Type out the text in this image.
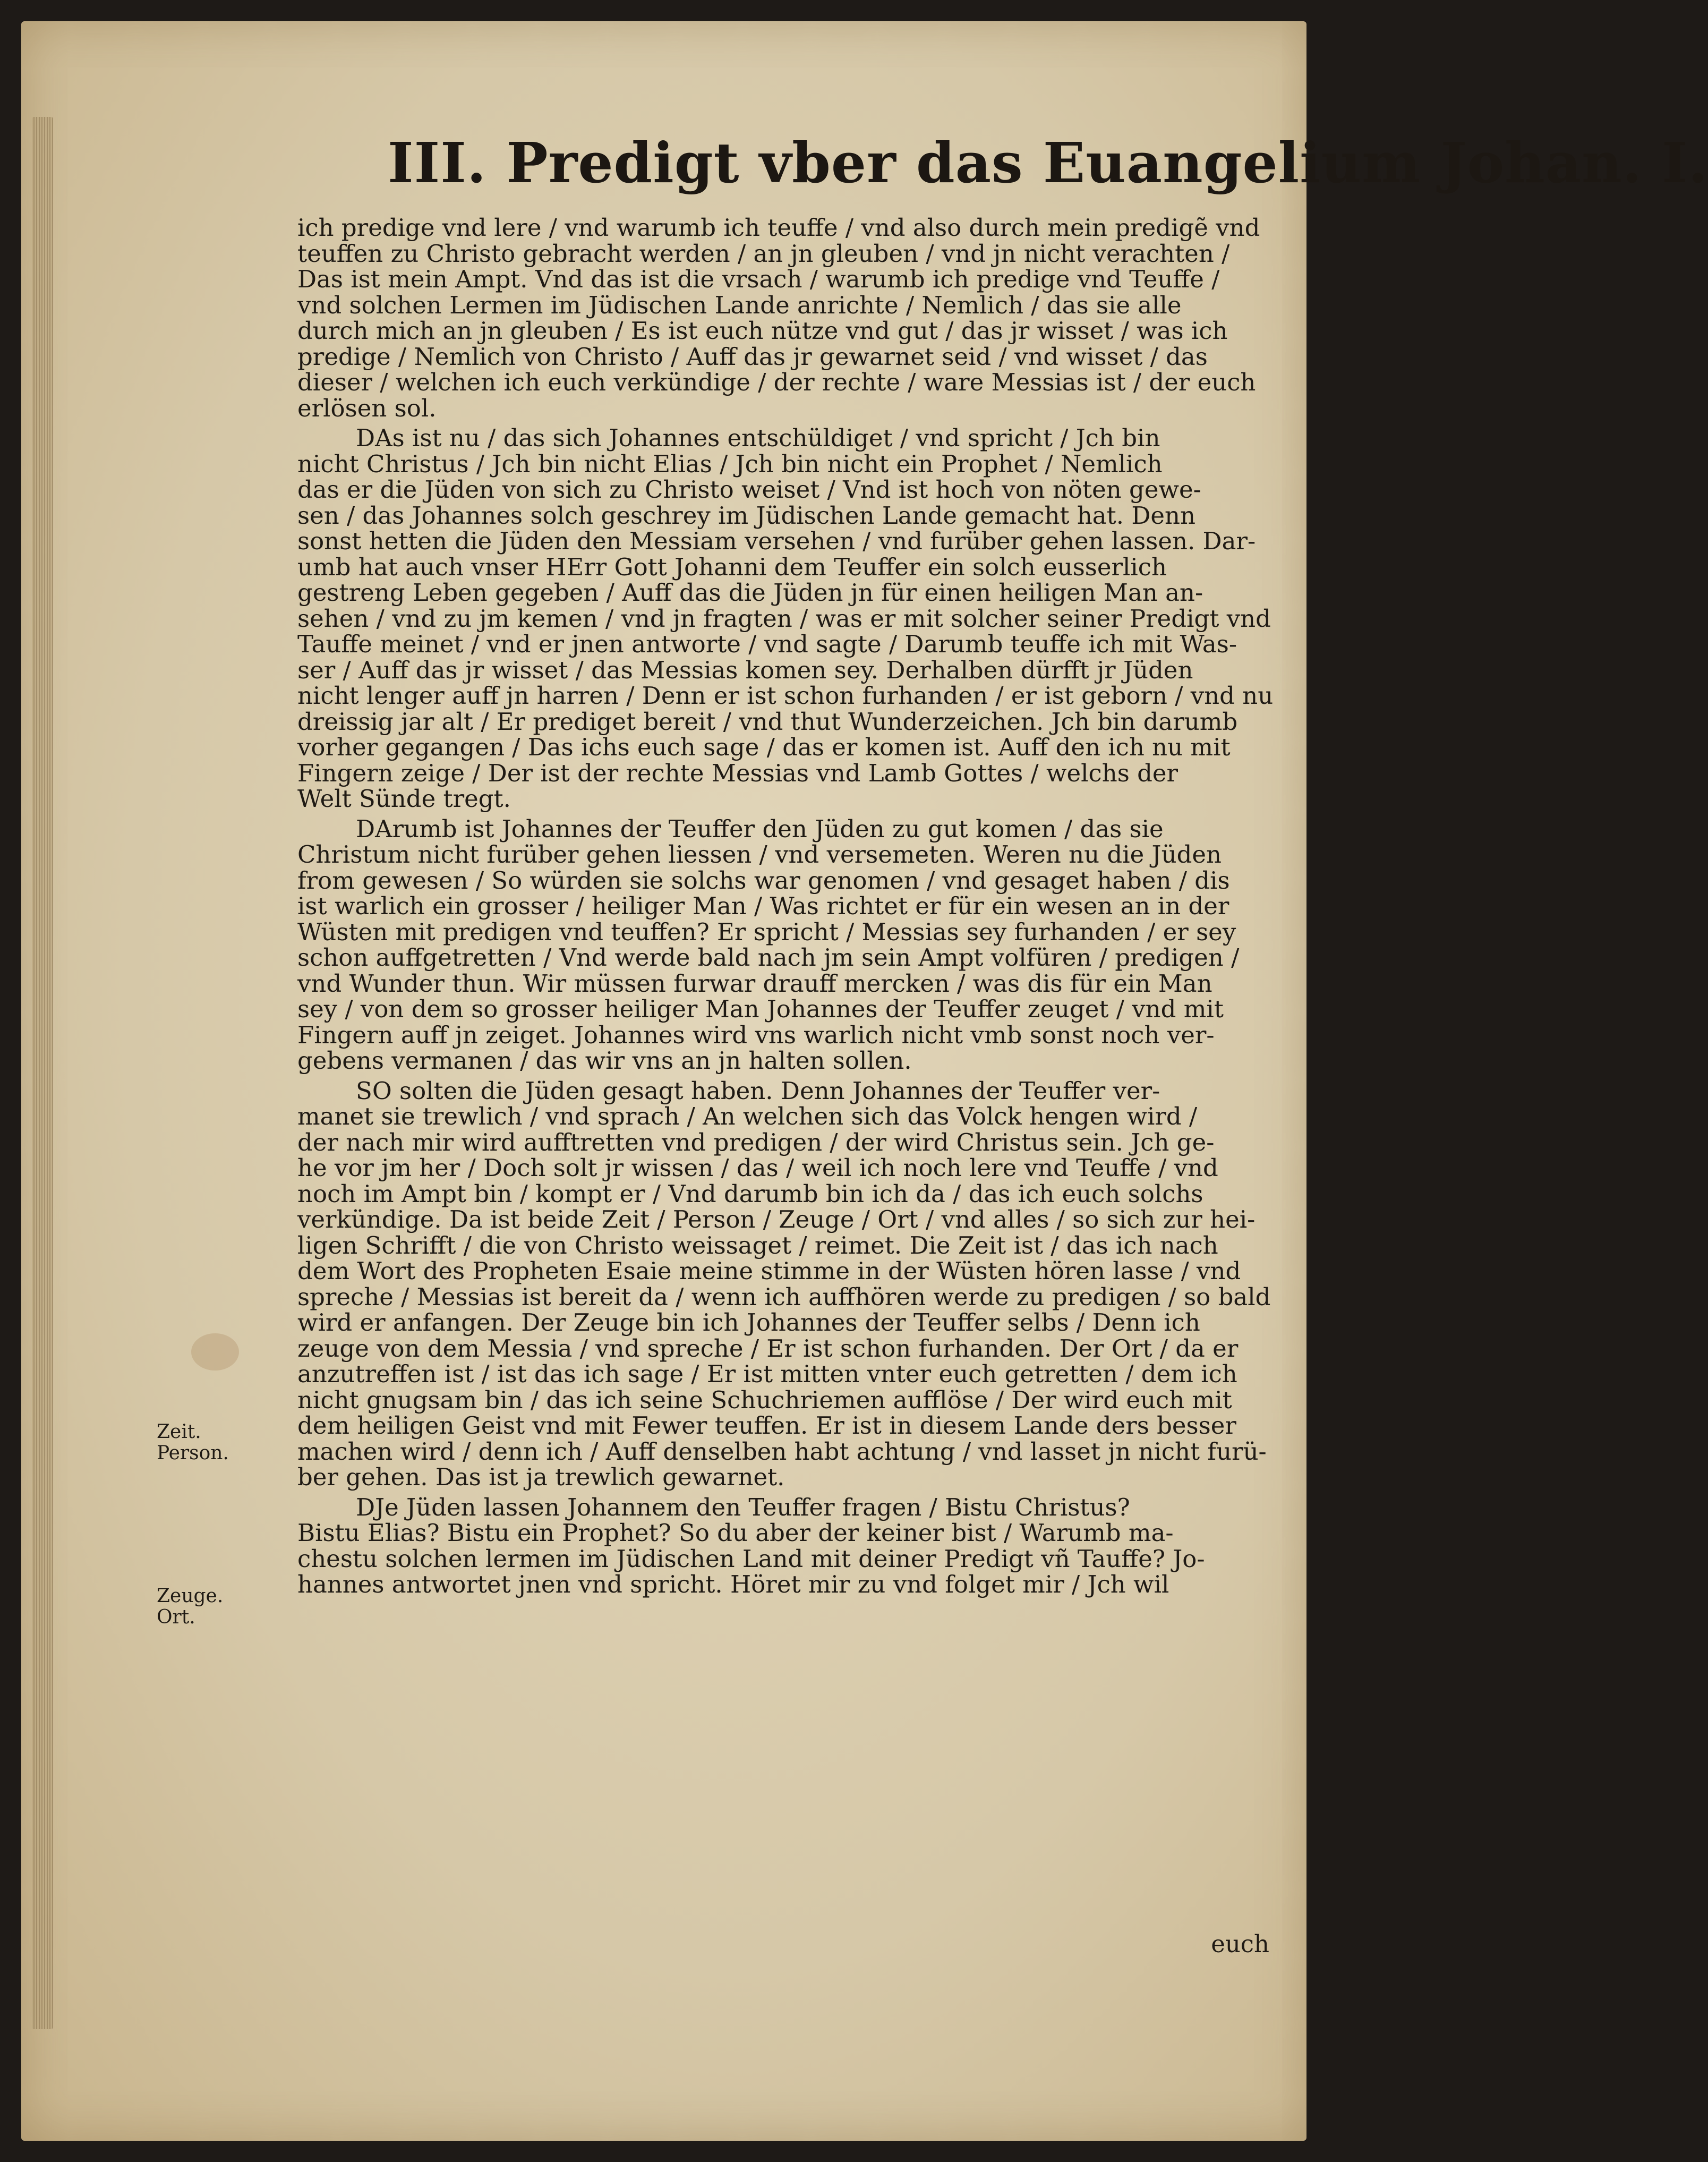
III. Predigt vber das Euangelium Johan. I.
ich predige vnd lere / vnd warumb ich teuffe / vnd also durch mein predigẽ vnd
teuffen zu Christo gebracht werden / an jn gleuben / vnd jn nicht verachten /
Das ist mein Ampt. Vnd das ist die vrsach / warumb ich predige vnd Teuffe /
vnd solchen Lermen im Jüdischen Lande anrichte / Nemlich / das sie alle
durch mich an jn gleuben / Es ist euch nütze vnd gut / das jr wisset / was ich
predige / Nemlich von Christo / Auff das jr gewarnet seid / vnd wisset / das
dieser / welchen ich euch verkündige / der rechte / ware Messias ist / der euch
erlösen sol.
DAs ist nu / das sich Johannes entschüldiget / vnd spricht / Jch bin
nicht Christus / Jch bin nicht Elias / Jch bin nicht ein Prophet / Nemlich
das er die Jüden von sich zu Christo weiset / Vnd ist hoch von nöten gewe-
sen / das Johannes solch geschrey im Jüdischen Lande gemacht hat. Denn
sonst hetten die Jüden den Messiam versehen / vnd furüber gehen lassen. Dar-
umb hat auch vnser HErr Gott Johanni dem Teuffer ein solch eusserlich
gestreng Leben gegeben / Auff das die Jüden jn für einen heiligen Man an-
sehen / vnd zu jm kemen / vnd jn fragten / was er mit solcher seiner Predigt vnd
Tauffe meinet / vnd er jnen antworte / vnd sagte / Darumb teuffe ich mit Was-
ser / Auff das jr wisset / das Messias komen sey. Derhalben dürfft jr Jüden
nicht lenger auff jn harren / Denn er ist schon furhanden / er ist geborn / vnd nu
dreissig jar alt / Er prediget bereit / vnd thut Wunderzeichen. Jch bin darumb
vorher gegangen / Das ichs euch sage / das er komen ist. Auff den ich nu mit
Fingern zeige / Der ist der rechte Messias vnd Lamb Gottes / welchs der
Welt Sünde tregt.
DArumb ist Johannes der Teuffer den Jüden zu gut komen / das sie
Christum nicht furüber gehen liessen / vnd versemeten. Weren nu die Jüden
from gewesen / So würden sie solchs war genomen / vnd gesaget haben / dis
ist warlich ein grosser / heiliger Man / Was richtet er für ein wesen an in der
Wüsten mit predigen vnd teuffen? Er spricht / Messias sey furhanden / er sey
schon auffgetretten / Vnd werde bald nach jm sein Ampt volfüren / predigen /
vnd Wunder thun. Wir müssen furwar drauff mercken / was dis für ein Man
sey / von dem so grosser heiliger Man Johannes der Teuffer zeuget / vnd mit
Fingern auff jn zeiget. Johannes wird vns warlich nicht vmb sonst noch ver-
gebens vermanen / das wir vns an jn halten sollen.
SO solten die Jüden gesagt haben. Denn Johannes der Teuffer ver-
manet sie trewlich / vnd sprach / An welchen sich das Volck hengen wird /
der nach mir wird aufftretten vnd predigen / der wird Christus sein. Jch ge-
he vor jm her / Doch solt jr wissen / das / weil ich noch lere vnd Teuffe / vnd
noch im Ampt bin / kompt er / Vnd darumb bin ich da / das ich euch solchs
verkündige. Da ist beide Zeit / Person / Zeuge / Ort / vnd alles / so sich zur hei-
ligen Schrifft / die von Christo weissaget / reimet. Die Zeit ist / das ich nach
dem Wort des Propheten Esaie meine stimme in der Wüsten hören lasse / vnd
spreche / Messias ist bereit da / wenn ich auffhören werde zu predigen / so bald
wird er anfangen. Der Zeuge bin ich Johannes der Teuffer selbs / Denn ich
zeuge von dem Messia / vnd spreche / Er ist schon furhanden. Der Ort / da er
anzutreffen ist / ist das ich sage / Er ist mitten vnter euch getretten / dem ich
nicht gnugsam bin / das ich seine Schuchriemen aufflöse / Der wird euch mit
dem heiligen Geist vnd mit Fewer teuffen. Er ist in diesem Lande ders besser
machen wird / denn ich / Auff denselben habt achtung / vnd lasset jn nicht furü-
ber gehen. Das ist ja trewlich gewarnet.
DJe Jüden lassen Johannem den Teuffer fragen / Bistu Christus?
Bistu Elias? Bistu ein Prophet? So du aber der keiner bist / Warumb ma-
chestu solchen lermen im Jüdischen Land mit deiner Predigt vñ Tauffe? Jo-
hannes antwortet jnen vnd spricht. Höret mir zu vnd folget mir / Jch wil
Zeit.
Person.
Zeuge.
Ort.
euch
